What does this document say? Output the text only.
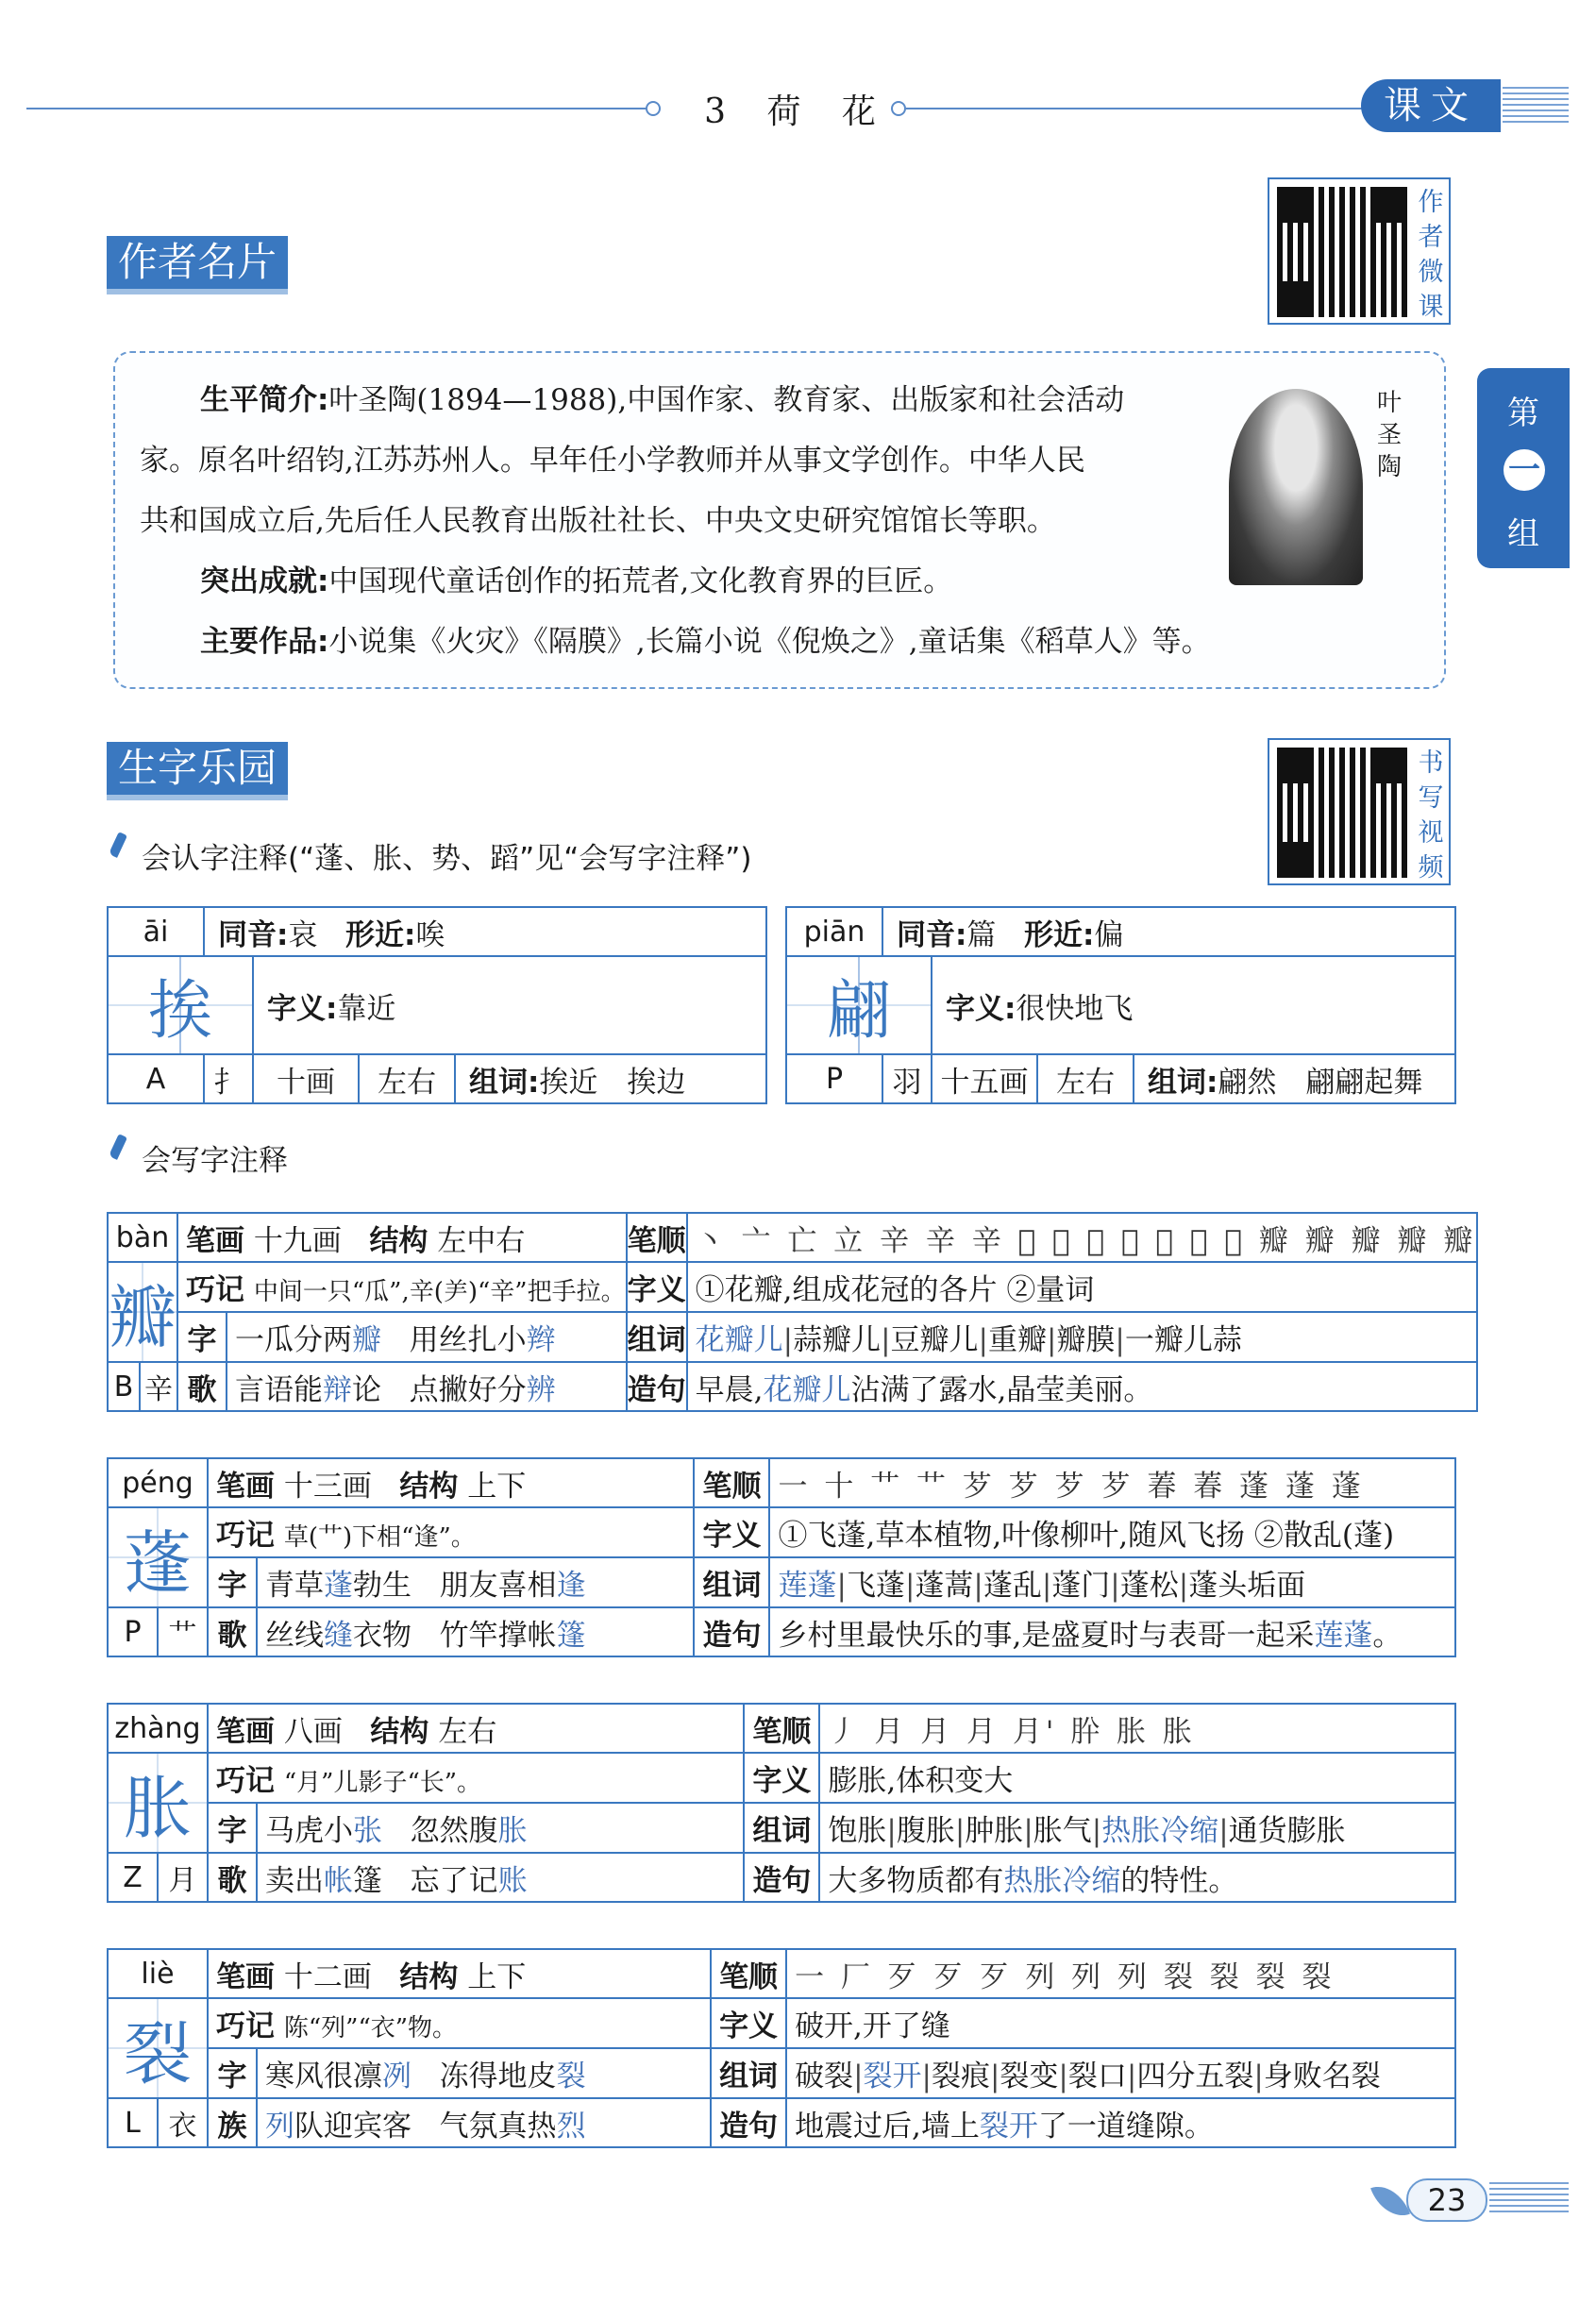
3 荷 花	课文
第
一
组
作者名片
作者微课

生平简介:叶圣陶(1894—1988),中国作家、教育家、出版家和社会活动

家。原名叶绍钧,江苏苏州人。早年任小学教师并从事文学创作。中华人民

共和国成立后,先后任人民教育出版社社长、中央文史研究馆馆长等职。

突出成就:中国现代童话创作的拓荒者,文化教育界的巨匠。

主要作品:小说集《火灾》《隔膜》,长篇小说《倪焕之》,童话集《稻草人》等。

叶圣陶
生字乐园	书写视频
会认字注释(“蓬、胀、势、蹈”见“会写字注释”)
āi	同音:哀 形近:唉			
挨		字义:靠近		
A	扌	十画	左右	组词:挨近　挨边
piān	同音:篇 形近:偏			
翩		字义:很快地飞		
P	羽	十五画	左右	组词:翩然　翩翩起舞
会写字注释
bàn		笔画 十九画 结构 左中右		笔顺	丶 亠 亡 立 辛 辛 辛 𫝀 𫝀 𫝀 𫝀 𫝀 𫝀 𫝀 瓣 瓣 瓣 瓣 瓣
瓣		巧记 中间一只“瓜”,辛(⺶)“辛”把手拉。		字义	①花瓣,组成花冠的各片 ②量词
		字	一瓜分两瓣 用丝扎小辫	组词	花瓣儿|蒜瓣儿|豆瓣儿|重瓣|瓣膜|一瓣儿蒜
B	辛	歌	言语能辩论 点撇好分辨	造句	早晨,花瓣儿沾满了露水,晶莹美丽。
péng		笔画 十三画 结构 上下		笔顺	一 十 艹 艹 芕 芕 芕 芕 萶 萶 蓬 蓬 蓬
蓬		巧记 草(艹)下相“逢”。		字义	①飞蓬,草本植物,叶像柳叶,随风飞扬 ②散乱(蓬)
		字	青草蓬勃生 朋友喜相逢	组词	莲蓬|飞蓬|蓬蒿|蓬乱|蓬门|蓬松|蓬头垢面
P	艹	歌	丝线缝衣物 竹竿撑帐篷	造句	乡村里最快乐的事,是盛夏时与表哥一起采莲蓬。
zhàng		笔画 八画 结构 左右		笔顺	丿 月 月 月 月' 肸 胀 胀
胀		巧记 “月”儿影子“长”。		字义	膨胀,体积变大
		字	马虎小张 忽然腹胀	组词	饱胀|腹胀|肿胀|胀气|热胀冷缩|通货膨胀
Z	月	歌	卖出帐篷 忘了记账	造句	大多物质都有热胀冷缩的特性。
liè		笔画 十二画 结构 上下		笔顺	一 厂 歹 歹 歹 列 列 列 裂 裂 裂 裂
裂		巧记 陈“列”“衣”物。		字义	破开,开了缝
		字	寒风很凛冽 冻得地皮裂	组词	破裂|裂开|裂痕|裂变|裂口|四分五裂|身败名裂
L	衣	族	列队迎宾客 气氛真热烈	造句	地震过后,墙上裂开了一道缝隙。
23
